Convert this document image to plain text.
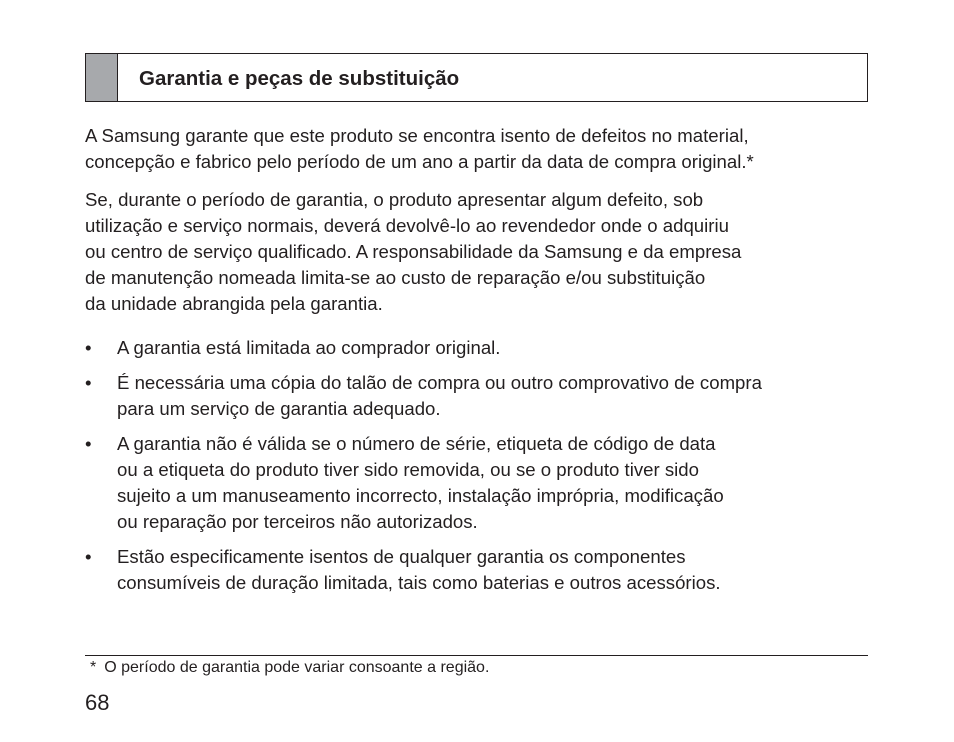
Garantia e peças de substituição
A Samsung garante que este produto se encontra isento de defeitos no material,
concepção e fabrico pelo período de um ano a partir da data de compra original.*
Se, durante o período de garantia, o produto apresentar algum defeito, sob
utilização e serviço normais, deverá devolvê-lo ao revendedor onde o adquiriu
ou centro de serviço qualificado. A responsabilidade da Samsung e da empresa
de manutenção nomeada limita-se ao custo de reparação e/ou substituição
da unidade abrangida pela garantia.
• A garantia está limitada ao comprador original.
• É necessária uma cópia do talão de compra ou outro comprovativo de compra
para um serviço de garantia adequado.
• A garantia não é válida se o número de série, etiqueta de código de data
ou a etiqueta do produto tiver sido removida, ou se o produto tiver sido
sujeito a um manuseamento incorrecto, instalação imprópria, modificação
ou reparação por terceiros não autorizados.
• Estão especificamente isentos de qualquer garantia os componentes
consumíveis de duração limitada, tais como baterias e outros acessórios.
* O período de garantia pode variar consoante a região.
68
